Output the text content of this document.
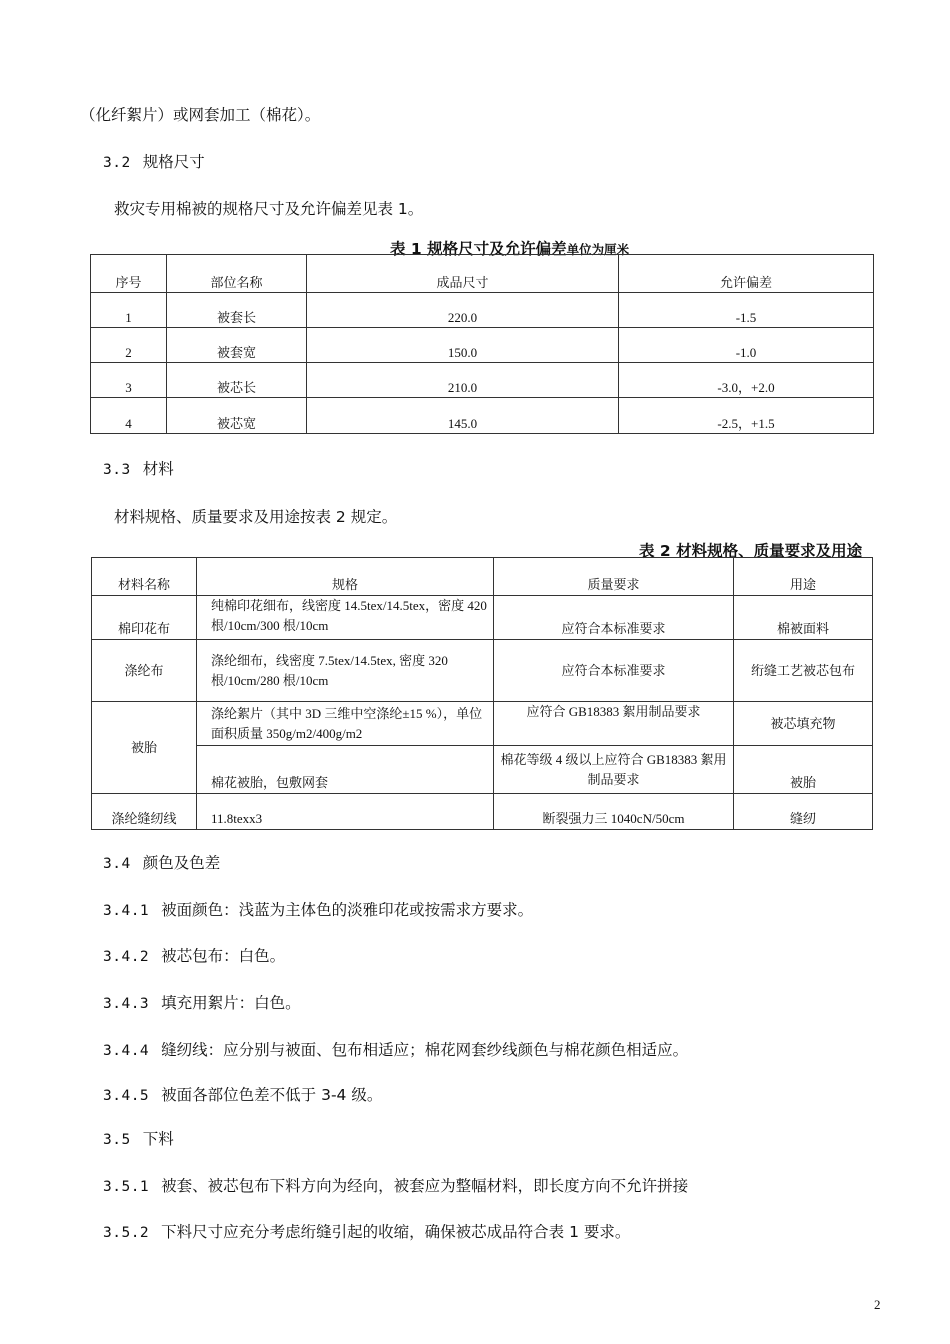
（化纤絮片）或网套加工（棉花）。
3.2 规格尺寸
救灾专用棉被的规格尺寸及允许偏差见表 1。
表 1 规格尺寸及允许偏差单位为厘米
序号	部位名称	成品尺寸	允许偏差
1	被套长	220.0	-1.5
2	被套宽	150.0	-1.0
3	被芯长	210.0	-3.0，+2.0
4	被芯宽	145.0	-2.5，+1.5
3.3 材料
材料规格、质量要求及用途按表 2 规定。
表 2 材料规格、质量要求及用途
材料名称	规格	质量要求	用途
棉印花布	纯棉印花细布，线密度 14.5tex/14.5tex，密度 420 根/10cm/300 根/10cm	应符合本标准要求	棉被面料
涤纶布	涤纶细布，线密度 7.5tex/14.5tex, 密度 320 根/10cm/280 根/10cm	应符合本标准要求	绗缝工艺被芯包布
被胎	涤纶絮片（其中 3D 三维中空涤纶±15 %），单位面积质量 350g/m2/400g/m2	应符合 GB18383 絮用制品要求	被芯填充物
	棉花被胎，包敷网套	棉花等级 4 级以上应符合 GB18383 絮用制品要求	被胎
涤纶缝纫线	11.8texx3	断裂强力三 1040cN/50cm	缝纫
3.4 颜色及色差
3.4.1 被面颜色：浅蓝为主体色的淡雅印花或按需求方要求。
3.4.2 被芯包布：白色。
3.4.3 填充用絮片：白色。
3.4.4 缝纫线：应分别与被面、包布相适应；棉花网套纱线颜色与棉花颜色相适应。
3.4.5 被面各部位色差不低于 3-4 级。
3.5 下料
3.5.1 被套、被芯包布下料方向为经向，被套应为整幅材料，即长度方向不允许拼接
3.5.2 下料尺寸应充分考虑绗缝引起的收缩，确保被芯成品符合表 1 要求。
2
